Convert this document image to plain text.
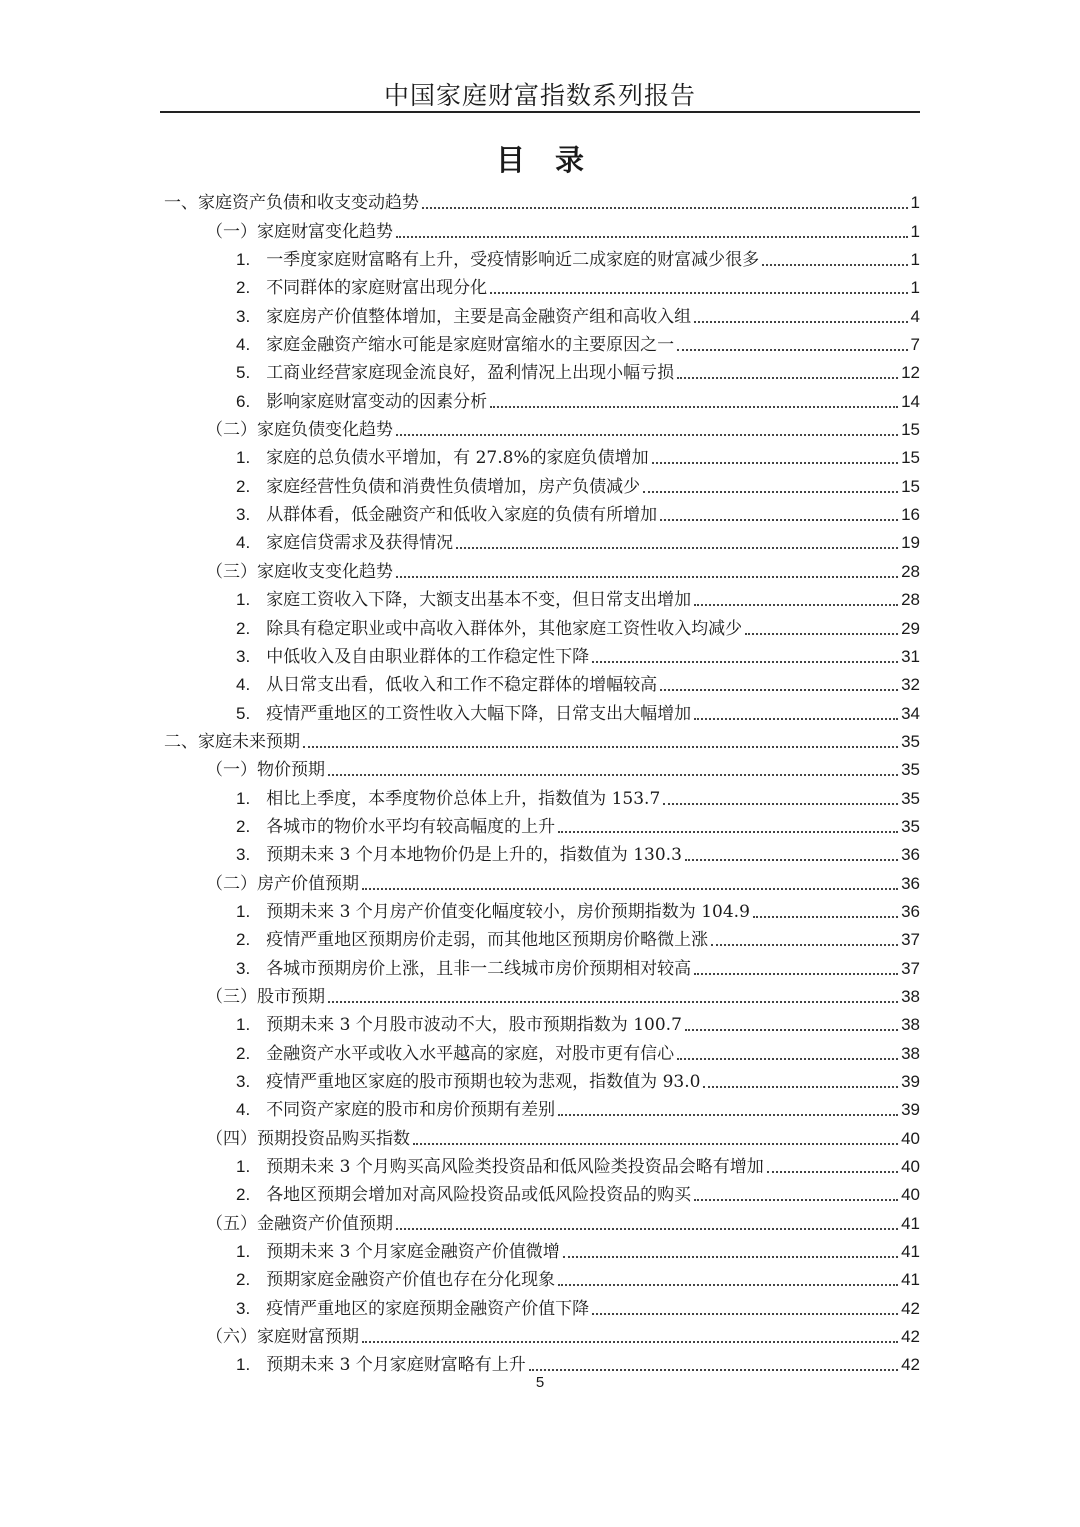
中国家庭财富指数系列报告
目录
一、家庭资产负债和收支变动趋势	1
（一）家庭财富变化趋势	1
1. 一季度家庭财富略有上升，受疫情影响近二成家庭的财富减少很多	1
2. 不同群体的家庭财富出现分化	1
3. 家庭房产价值整体增加，主要是高金融资产组和高收入组	4
4. 家庭金融资产缩水可能是家庭财富缩水的主要原因之一	7
5. 工商业经营家庭现金流良好，盈利情况上出现小幅亏损	12
6. 影响家庭财富变动的因素分析	14
（二）家庭负债变化趋势	15
1. 家庭的总负债水平增加，有 27.8%的家庭负债增加	15
2. 家庭经营性负债和消费性负债增加，房产负债减少	15
3. 从群体看，低金融资产和低收入家庭的负债有所增加	16
4. 家庭信贷需求及获得情况	19
（三）家庭收支变化趋势	28
1. 家庭工资收入下降，大额支出基本不变，但日常支出增加	28
2. 除具有稳定职业或中高收入群体外，其他家庭工资性收入均减少	29
3. 中低收入及自由职业群体的工作稳定性下降	31
4. 从日常支出看，低收入和工作不稳定群体的增幅较高	32
5. 疫情严重地区的工资性收入大幅下降，日常支出大幅增加	34
二、家庭未来预期	35
（一）物价预期	35
1. 相比上季度，本季度物价总体上升，指数值为 153.7	35
2. 各城市的物价水平均有较高幅度的上升	35
3. 预期未来 3 个月本地物价仍是上升的，指数值为 130.3	36
（二）房产价值预期	36
1. 预期未来 3 个月房产价值变化幅度较小，房价预期指数为 104.9	36
2. 疫情严重地区预期房价走弱，而其他地区预期房价略微上涨	37
3. 各城市预期房价上涨，且非一二线城市房价预期相对较高	37
（三）股市预期	38
1. 预期未来 3 个月股市波动不大，股市预期指数为 100.7	38
2. 金融资产水平或收入水平越高的家庭，对股市更有信心	38
3. 疫情严重地区家庭的股市预期也较为悲观，指数值为 93.0	39
4. 不同资产家庭的股市和房价预期有差别	39
（四）预期投资品购买指数	40
1. 预期未来 3 个月购买高风险类投资品和低风险类投资品会略有增加	40
2. 各地区预期会增加对高风险投资品或低风险投资品的购买	40
（五）金融资产价值预期	41
1. 预期未来 3 个月家庭金融资产价值微增	41
2. 预期家庭金融资产价值也存在分化现象	41
3. 疫情严重地区的家庭预期金融资产价值下降	42
（六）家庭财富预期	42
1. 预期未来 3 个月家庭财富略有上升	42
5
